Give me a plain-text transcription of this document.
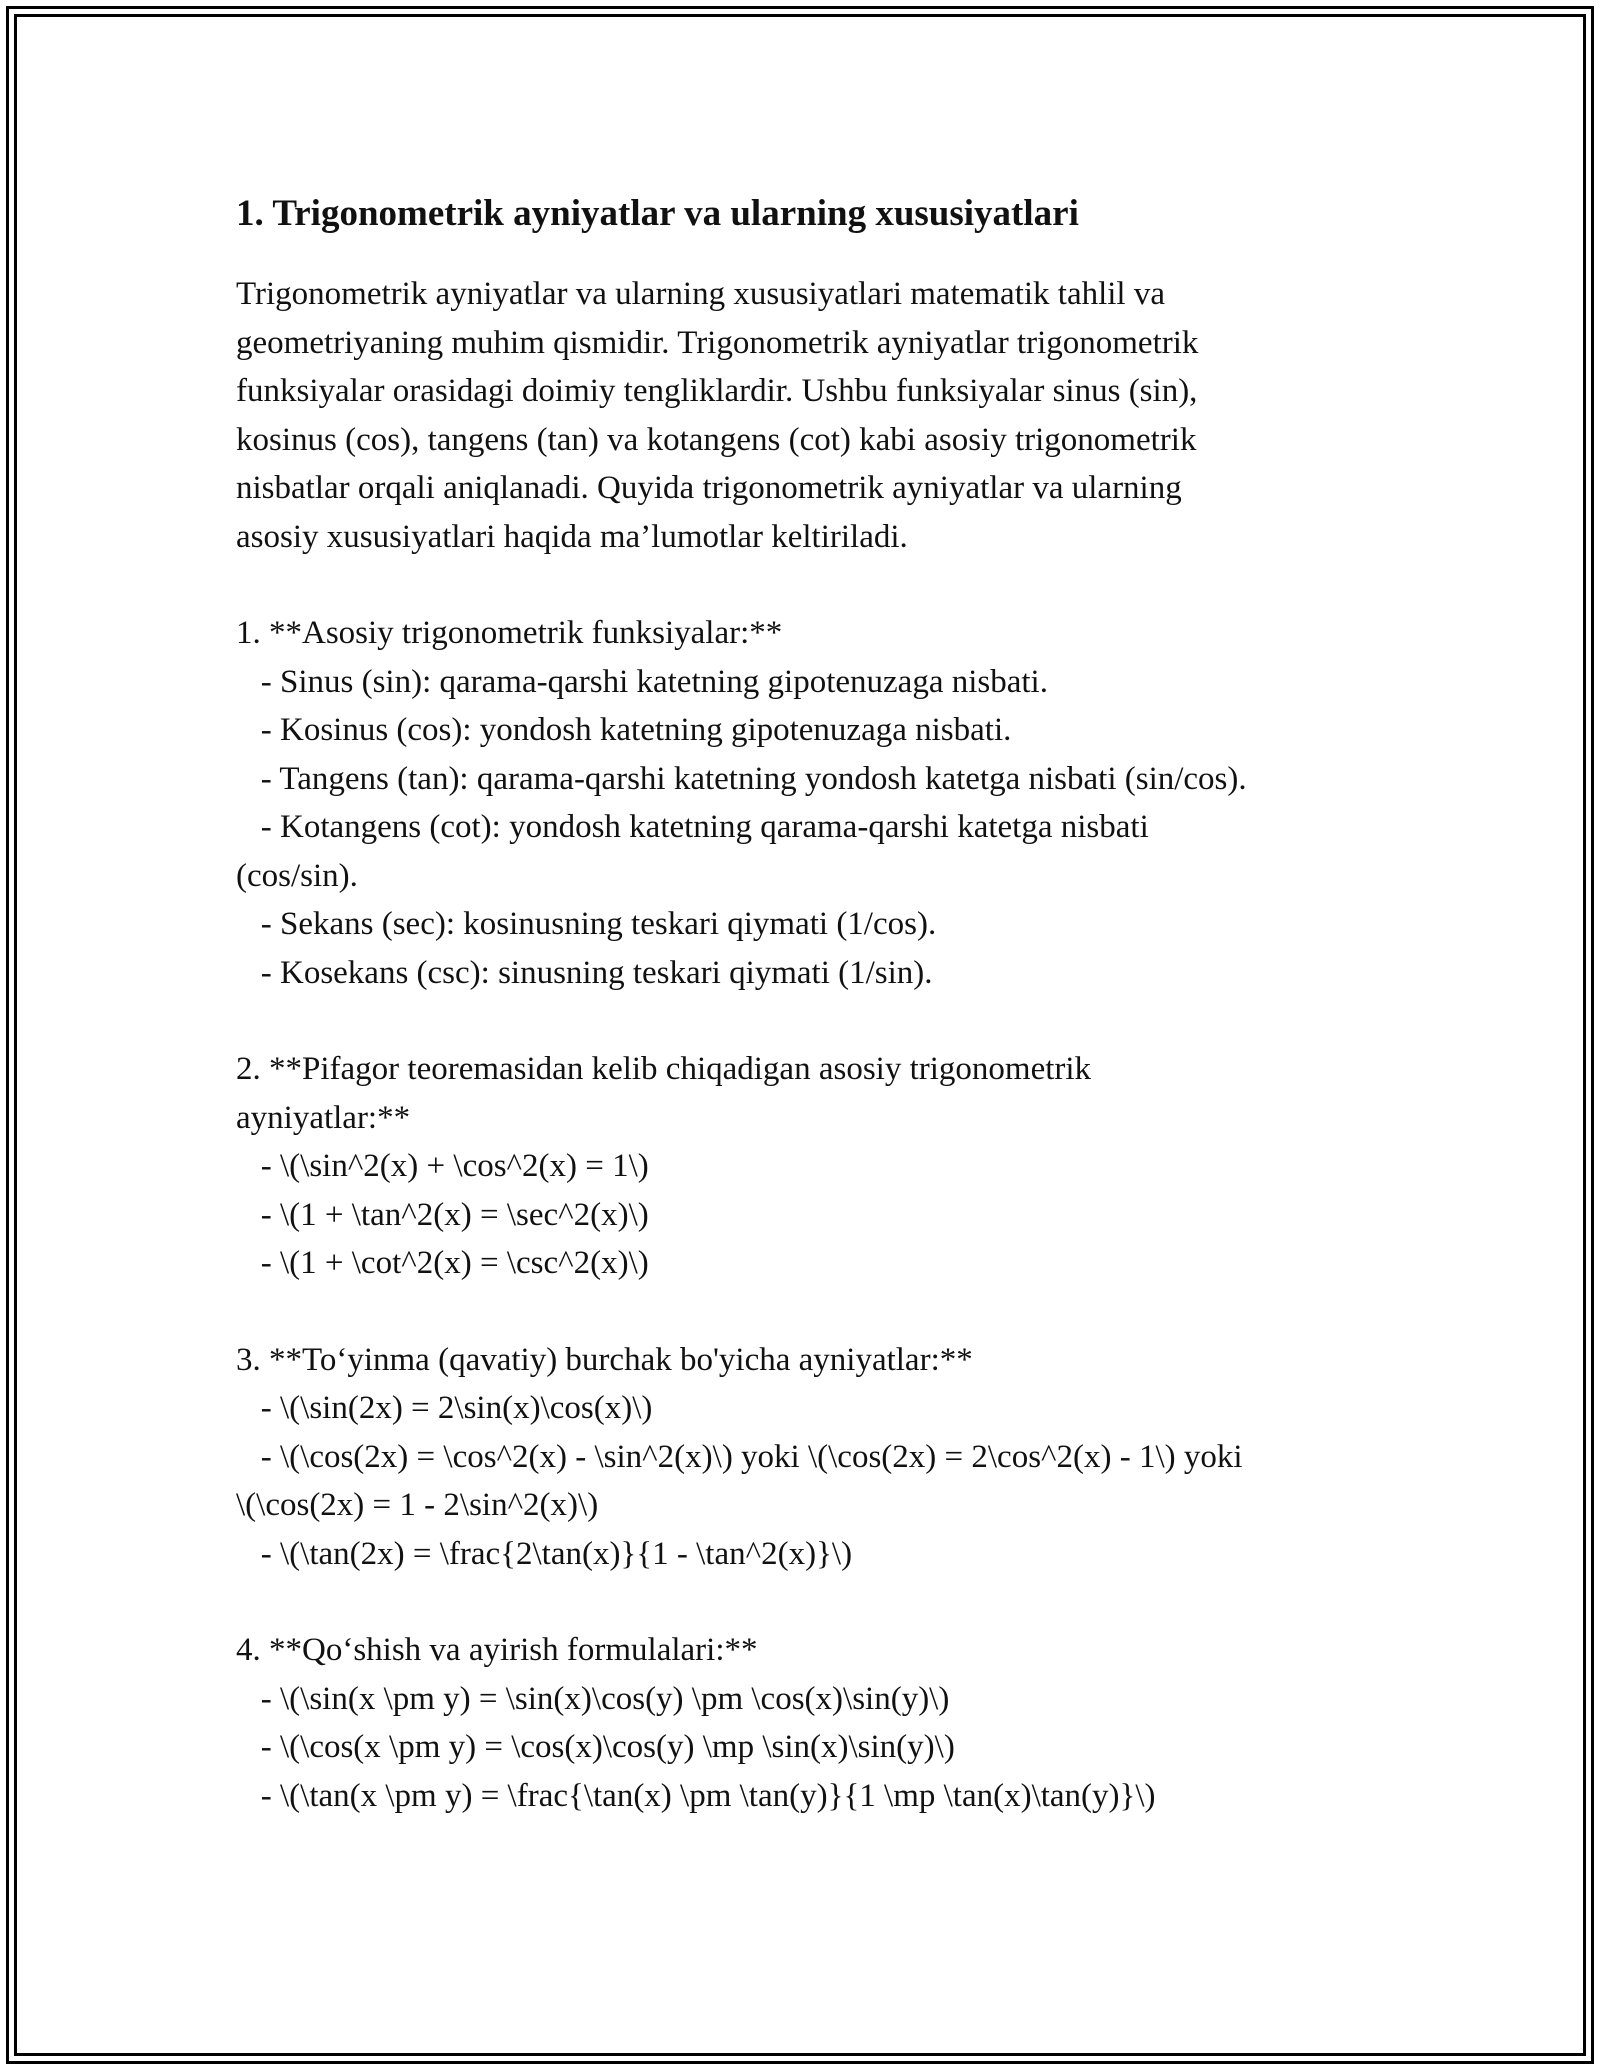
1. Trigonometrik ayniyatlar va ularning xususiyatlari
Trigonometrik ayniyatlar va ularning xususiyatlari matematik tahlil va
geometriyaning muhim qismidir. Trigonometrik ayniyatlar trigonometrik
funksiyalar orasidagi doimiy tengliklardir. Ushbu funksiyalar sinus (sin),
kosinus (cos), tangens (tan) va kotangens (cot) kabi asosiy trigonometrik
nisbatlar orqali aniqlanadi. Quyida trigonometrik ayniyatlar va ularning
asosiy xususiyatlari haqida ma’lumotlar keltiriladi.
1. **Asosiy trigonometrik funksiyalar:**
- Sinus (sin): qarama-qarshi katetning gipotenuzaga nisbati.
- Kosinus (cos): yondosh katetning gipotenuzaga nisbati.
- Tangens (tan): qarama-qarshi katetning yondosh katetga nisbati (sin/cos).
- Kotangens (cot): yondosh katetning qarama-qarshi katetga nisbati
(cos/sin).
- Sekans (sec): kosinusning teskari qiymati (1/cos).
- Kosekans (csc): sinusning teskari qiymati (1/sin).
2. **Pifagor teoremasidan kelib chiqadigan asosiy trigonometrik
ayniyatlar:**
- \(\sin^2(x) + \cos^2(x) = 1\)
- \(1 + \tan^2(x) = \sec^2(x)\)
- \(1 + \cot^2(x) = \csc^2(x)\)
3. **To‘yinma (qavatiy) burchak bo'yicha ayniyatlar:**
- \(\sin(2x) = 2\sin(x)\cos(x)\)
- \(\cos(2x) = \cos^2(x) - \sin^2(x)\) yoki \(\cos(2x) = 2\cos^2(x) - 1\) yoki
\(\cos(2x) = 1 - 2\sin^2(x)\)
- \(\tan(2x) = \frac{2\tan(x)}{1 - \tan^2(x)}\)
4. **Qo‘shish va ayirish formulalari:**
- \(\sin(x \pm y) = \sin(x)\cos(y) \pm \cos(x)\sin(y)\)
- \(\cos(x \pm y) = \cos(x)\cos(y) \mp \sin(x)\sin(y)\)
- \(\tan(x \pm y) = \frac{\tan(x) \pm \tan(y)}{1 \mp \tan(x)\tan(y)}\)
